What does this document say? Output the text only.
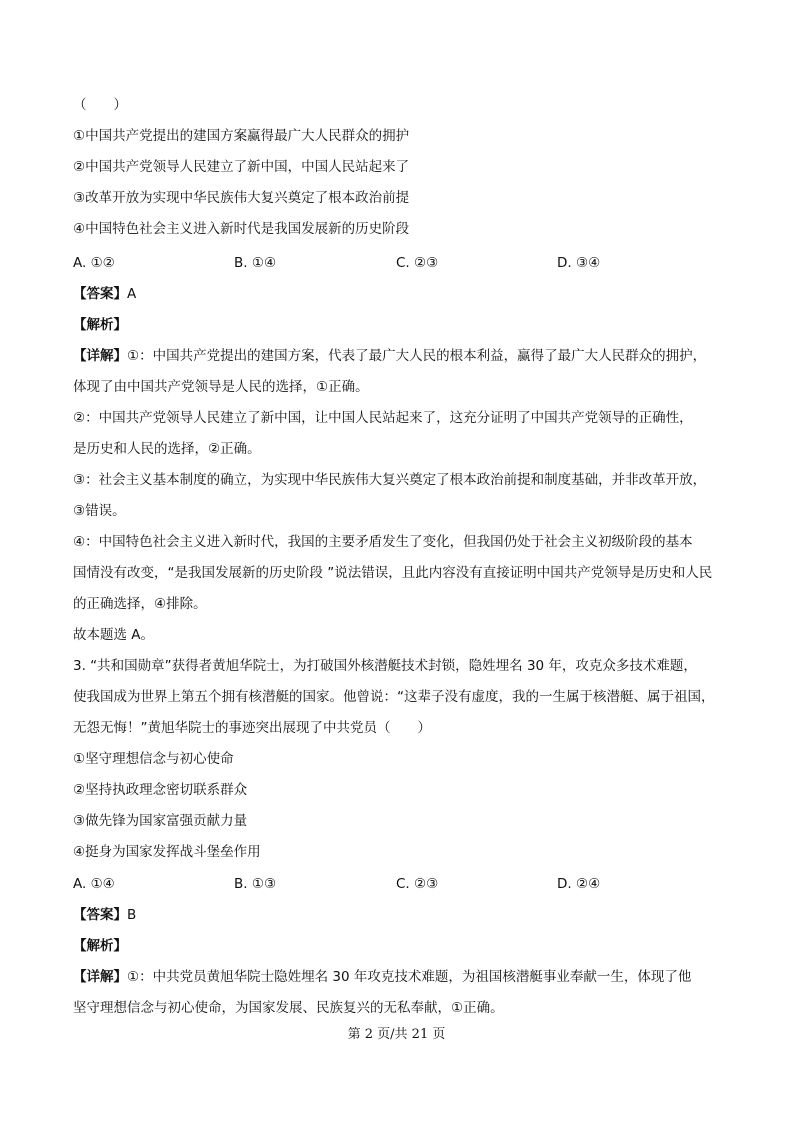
（　　）
①中国共产党提出的建国方案赢得最广大人民群众的拥护
②中国共产党领导人民建立了新中国，中国人民站起来了
③改革开放为实现中华民族伟大复兴奠定了根本政治前提
④中国特色社会主义进入新时代是我国发展新的历史阶段
A. ①②	B. ①④	C. ②③	D. ③④
【答案】A
【解析】
【详解】①：中国共产党提出的建国方案，代表了最广大人民的根本利益，赢得了最广大人民群众的拥护，
体现了由中国共产党领导是人民的选择，①正确。
②：中国共产党领导人民建立了新中国，让中国人民站起来了，这充分证明了中国共产党领导的正确性，
是历史和人民的选择，②正确。
③：社会主义基本制度的确立，为实现中华民族伟大复兴奠定了根本政治前提和制度基础，并非改革开放，
③错误。
④：中国特色社会主义进入新时代，我国的主要矛盾发生了变化，但我国仍处于社会主义初级阶段的基本
国情没有改变，“是我国发展新的历史阶段 ”说法错误，且此内容没有直接证明中国共产党领导是历史和人民
的正确选择，④排除。
故本题选 A。
3. “共和国勋章”获得者黄旭华院士，为打破国外核潜艇技术封锁，隐姓埋名 30 年，攻克众多技术难题，
使我国成为世界上第五个拥有核潜艇的国家。他曾说：“这辈子没有虚度，我的一生属于核潜艇、属于祖国，
无怨无悔！”黄旭华院士的事迹突出展现了中共党员（　　）
①坚守理想信念与初心使命
②坚持执政理念密切联系群众
③做先锋为国家富强贡献力量
④挺身为国家发挥战斗堡垒作用
A. ①④	B. ①③	C. ②③	D. ②④
【答案】B
【解析】
【详解】①：中共党员黄旭华院士隐姓埋名 30 年攻克技术难题，为祖国核潜艇事业奉献一生，体现了他
坚守理想信念与初心使命，为国家发展、民族复兴的无私奉献，①正确。
第 2 页/共 21 页
